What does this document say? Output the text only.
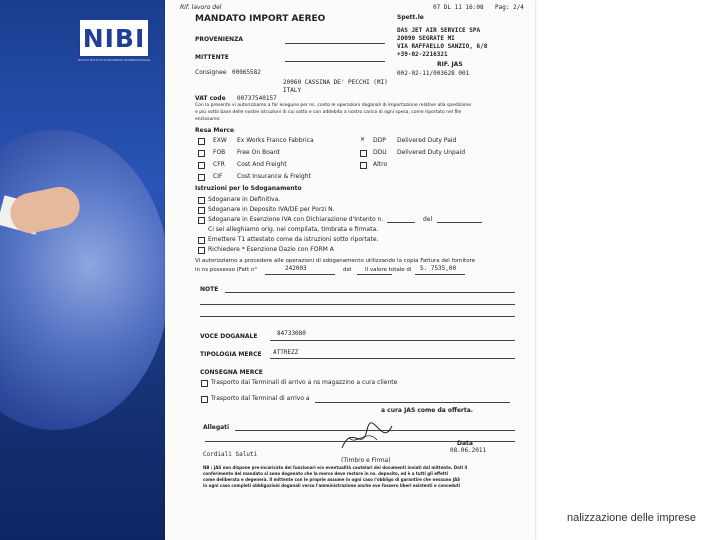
NIBI
NUOVO ISTITUTO DI BUSINESS INTERNAZIONALE
Rif. lavoro del	07 DL 11 16:08 Pag: 2/4
MANDATO IMPORT AEREO	Spett.le
PROVENIENZA
MITTENTE
DAS JET AIR SERVICE SPA
20090 SEGRATE MI
VIA RAFFAELLO SANZIO, 6/8
+39-02-2216321
RIF. JAS
002-02-11/003628 001
Consignee 00065582
20060 CASSINA DE' PECCHI (MI)
ITALY
VAT code 00737540157
Con la presente vi autorizziamo a far eseguire per ns. conto le operazioni doganali di importazione relative alla spedizione
e più sotto base delle nostre istruzioni di cui sotto e con addebito a nostro carico di ogni spesa, come riportato nel file
enclosures:
Resa Merce
EXW Ex Works Franco Fabbrica
FOB Free On Board
CFR Cost And Freight
CIF Cost Insurance & Freight
✕ DDP Delivered Duty Paid
DDU Delivered Duty Unpaid
Altro
Istruzioni per lo Sdoganamento
Sdoganare in Definitiva.
Sdoganare in Deposito IVA/DE per Porzi N.
Sdoganare in Esenzione IVA con Dichiarazione d'Intento n.	del
Ci sei alleghiamo orig. nei compilata, timbrata e firmata.
Emettere T1 attestato come da istruzioni sotto riportate.
Richiedere * Esenzione Dazio con FORM A
Vi autorizziamo a procedere alle operazioni di sdoganamento utilizzando la copia Fattura del fornitore
in ns possesso (Fatt n°	242003	del Il valore totale di S. 7535,00
NOTE
VOCE DOGANALE	84733080
TIPOLOGIA MERCE ATTREZZ
CONSEGNA MERCE
Trasporto dai Terminali di arrivo a ns magazzino a cura cliente
Trasporto dal Terminal di arrivo a
a cura JAS come da offerta.
Allegati
Data
08.06.2011
Cordiali Saluti
(Timbro e Firma)
NB : JAS non dispone pre-incaricato dei funzionari e/o eventualità cautelari dei documenti inviati dal mittente. Dati il
conferimento del mandato si sono dogenato che la merce deve restare in ns. deposito, ed è a tutti gli effetti
come deliberata e degenerà. Il mittente con le proprie assume in ogni caso l'obbligo di garantire che nessuno JAS
in ogni caso completi obbligazioni doganali verso l'amministrazione anche ove fossero liberi esistenti e conceduti
nalizzazione delle imprese
